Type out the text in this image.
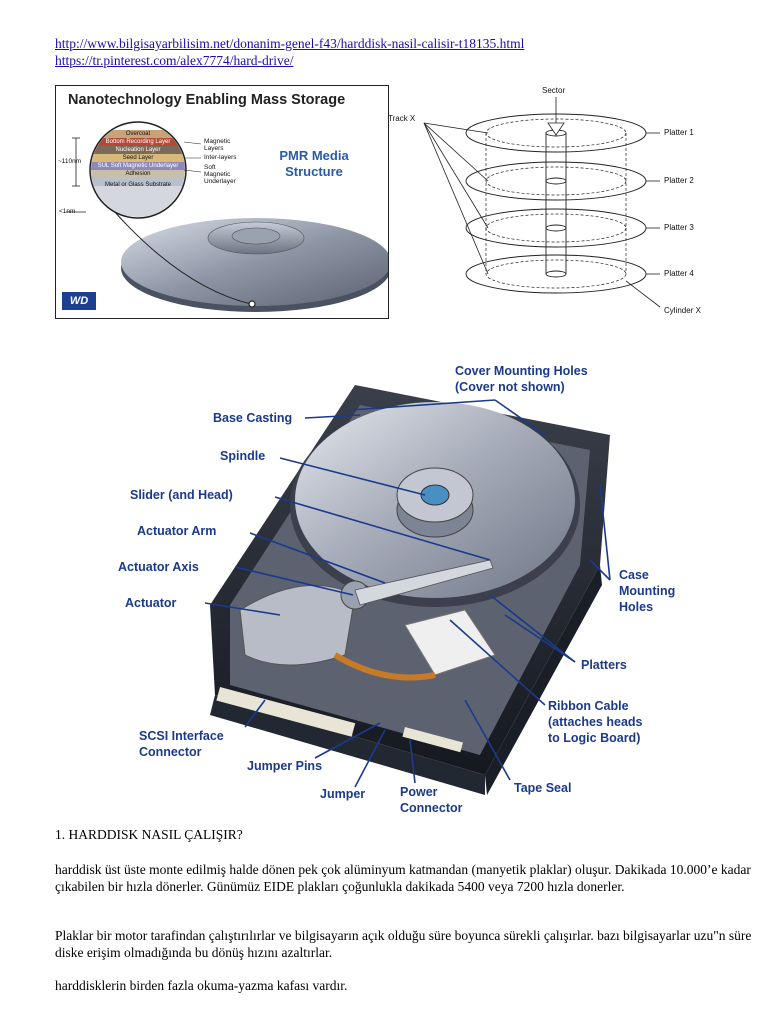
http://www.bilgisayarbilisim.net/donanim-genel-f43/harddisk-nasil-calisir-t18135.html
https://tr.pinterest.com/alex7774/hard-drive/
Nanotechnology Enabling Mass Storage
PMR Media
Structure
Overcoat
Bottom Recording Layer
Nucleation Layer
Seed Layer
SUL Soft Magnetic Underlayer
Adhesion
Metal or Glass Substrate
Magnetic
Layers
Inter-layers
Soft
Magnetic
Underlayer
~110nm
<1nm
WD
Sector
Track X
Platter 1
Platter 2
Platter 3
Platter 4
Cylinder X
Cover Mounting Holes
(Cover not shown)
Base Casting
Spindle
Slider (and Head)
Actuator Arm
Actuator Axis
Actuator
Case
Mounting
Holes
Platters
Ribbon Cable
(attaches heads
to Logic Board)
SCSI Interface
Connector
Jumper Pins
Jumper	Power
Connector
Tape Seal
1. HARDDISK NASIL ÇALIŞIR?
harddisk üst üste monte edilmiş halde dönen pek çok alüminyum katmandan (manyetik plaklar) oluşur. Dakikada 10.000’e kadar çıkabilen bir hızla dönerler. Günümüz EIDE plakları çoğunlukla dakikada 5400 veya 7200 hızla donerler.
Plaklar bir motor tarafindan çalıştırılırlar ve bilgisayarın açık olduğu süre boyunca sürekli çalışırlar. bazı bilgisayarlar uzu"n süre diske erişim olmadığında bu dönüş hızını azaltırlar.
harddisklerin birden fazla okuma-yazma kafası vardır.
